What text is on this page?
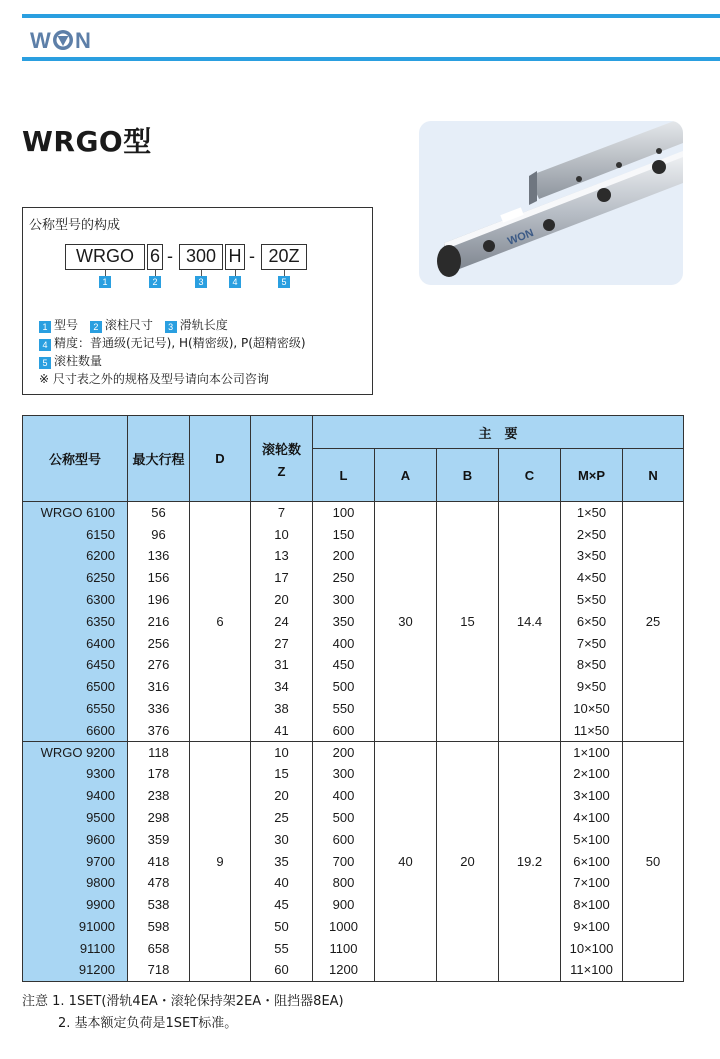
W N
WRGO型
WON
公称型号的构成
WRGO 6 - 300 H - 20Z
1	2	3	4	5
1 型号 2 滚柱尺寸 3 滑轨长度
4 精度：普通级(无记号), H(精密级), P(超精密级)
5 滚柱数量
※ 尺寸表之外的规格及型号请向本公司咨询
公称型号	最大行程	D	滚轮数
Z	主　要					
				L	A	B	C	M×P	N
WRGO 6100	56	6	7	100	30	15	14.4	1×50	25
6150	96		10	150				2×50	
6200	136		13	200				3×50	
6250	156		17	250				4×50	
6300	196		20	300				5×50	
6350	216		24	350				6×50	
6400	256		27	400				7×50	
6450	276		31	450				8×50	
6500	316		34	500				9×50	
6550	336		38	550				10×50	
6600	376		41	600				11×50	
WRGO 9200	118	9	10	200	40	20	19.2	1×100	50
9300	178		15	300				2×100	
9400	238		20	400				3×100	
9500	298		25	500				4×100	
9600	359		30	600				5×100	
9700	418		35	700				6×100	
9800	478		40	800				7×100	
9900	538		45	900				8×100	
91000	598		50	1000				9×100	
91100	658		55	1100				10×100	
91200	718		60	1200				11×100	
注意 1. 1SET(滑轨4EA・滚轮保持架2EA・阻挡器8EA)
2. 基本额定负荷是1SET标准。
